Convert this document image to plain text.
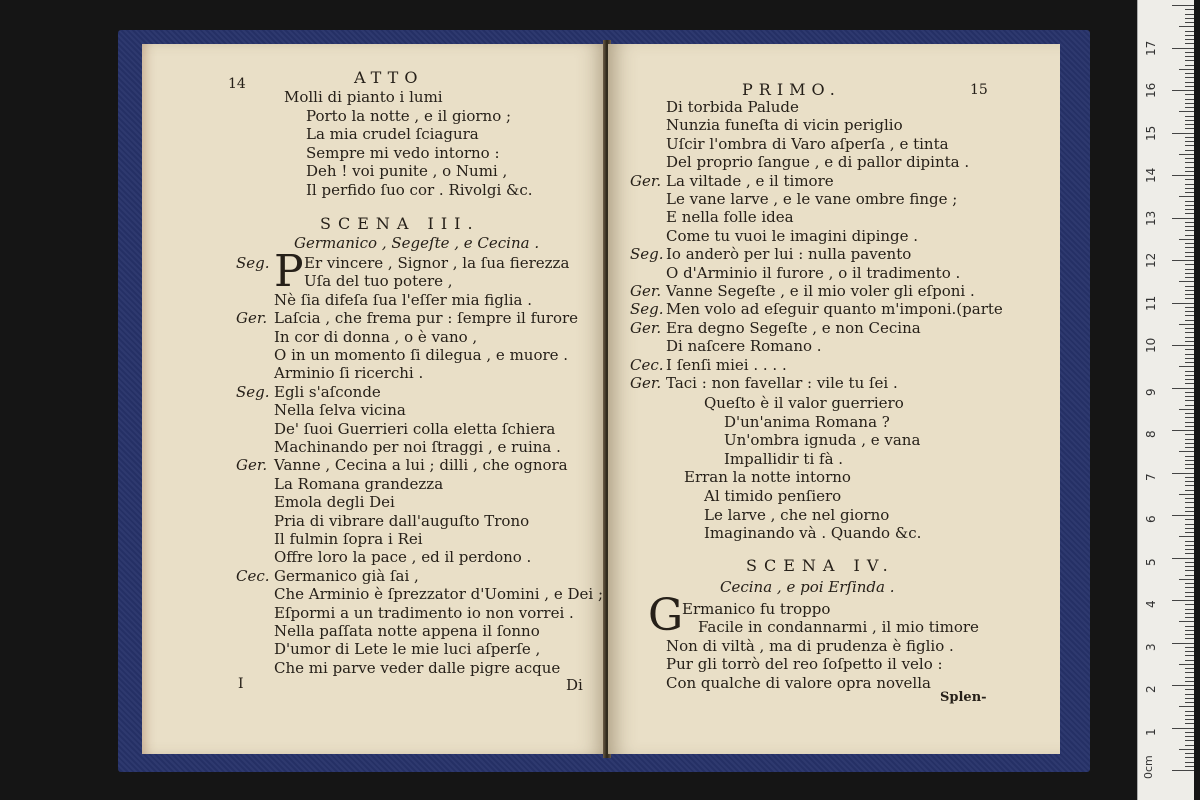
14	ATTO
Molli di pianto i lumi
Porto la notte , e il giorno ;
La mia crudel ſciagura
Sempre mi vedo intorno :
Deh ! voi punite , o Numi ,
Il perfido ſuo cor . Rivolgi &c.
SCENA III.
Germanico , Segeſte , e Cecina .
P
Seg. Er vincere , Signor , la ſua fierezza
Uſa del tuo potere ,
Nè ſia difeſa ſua l'eſſer mia figlia .
Ger. Laſcia , che frema pur : ſempre il furore
In cor di donna , o è vano ,
O in un momento ſi dilegua , e muore .
Arminio ſi ricerchi .
Seg. Egli s'aſconde
Nella ſelva vicina
De' ſuoi Guerrieri colla eletta ſchiera
Machinando per noi ſtraggi , e ruina .
Ger. Vanne , Cecina a lui ; dilli , che ognora
La Romana grandezza
Emola degli Dei
Pria di vibrare dall'auguſto Trono
Il fulmin ſopra i Rei
Offre loro la pace , ed il perdono .
Cec. Germanico già ſai ,
Che Arminio è ſprezzator d'Uomini , e Dei ;
Eſpormi a un tradimento io non vorrei .
Nella paſſata notte appena il ſonno
D'umor di Lete le mie luci aſperſe ,
Che mi parve veder dalle pigre acque
I	Di
PRIMO.	15
Di torbida Palude
Nunzia funeſta di vicin periglio
Uſcir l'ombra di Varo aſperſa , e tinta
Del proprio ſangue , e di pallor dipinta .
Ger. La viltade , e il timore
Le vane larve , e le vane ombre finge ;
E nella folle idea
Come tu vuoi le imagini dipinge .
Seg. Io anderò per lui : nulla pavento
O d'Arminio il furore , o il tradimento .
Ger. Vanne Segeſte , e il mio voler gli eſponi .
Seg. Men volo ad eſeguir quanto m'imponi.(parte
Ger. Era degno Segeſte , e non Cecina
Di naſcere Romano .
Cec. I ſenſi miei . . . .
Ger. Taci : non favellar : vile tu ſei .
Queſto è il valor guerriero
D'un'anima Romana ?
Un'ombra ignuda , e vana
Impallidir ti fà .
Erran la notte intorno
Al timido penſiero
Le larve , che nel giorno
Imaginando và . Quando &c.
SCENA IV.
Cecina , e poi Erſinda .
G
Ermanico fu troppo
Facile in condannarmi , il mio timore
Non di viltà , ma di prudenza è figlio .
Pur gli torrò del reo ſoſpetto il velo :
Con qualche di valore opra novella
Splen-
0cm
1
2
3
4
5
6
7
8
9
10
11
12
13
14
15
16
17
